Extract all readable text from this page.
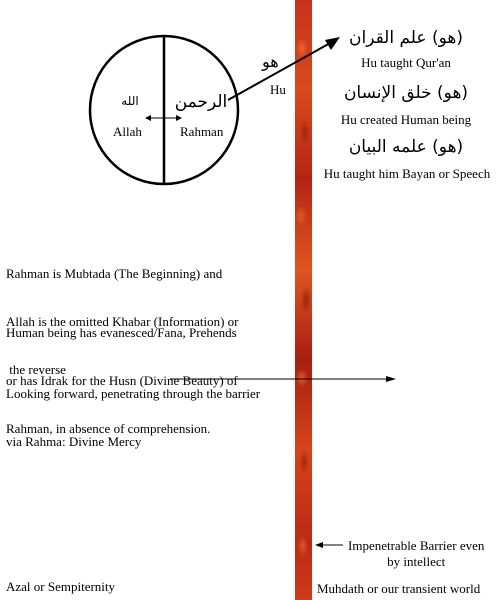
الله
Allah
الرحمن
Rahman
هو
Hu
(هو) علم القران
Hu taught Qur'an
(هو) خلق الإنسان
Hu created Human being
(هو) علمه البيان
Hu taught him Bayan or Speech

Rahman is Mubtada (The Beginning) and

Allah is the omitted Khabar (Information) or

the reverse

Human being has evanesced/Fana, Prehends

or has Idrak for the Husn (Divine Beauty) of

Rahman, in absence of comprehension.

Looking forward, penetrating through the barrier

via Rahma: Divine Mercy

Impenetrable Barrier even
by intellect
Azal or Sempiternity	Muhdath or our transient world
